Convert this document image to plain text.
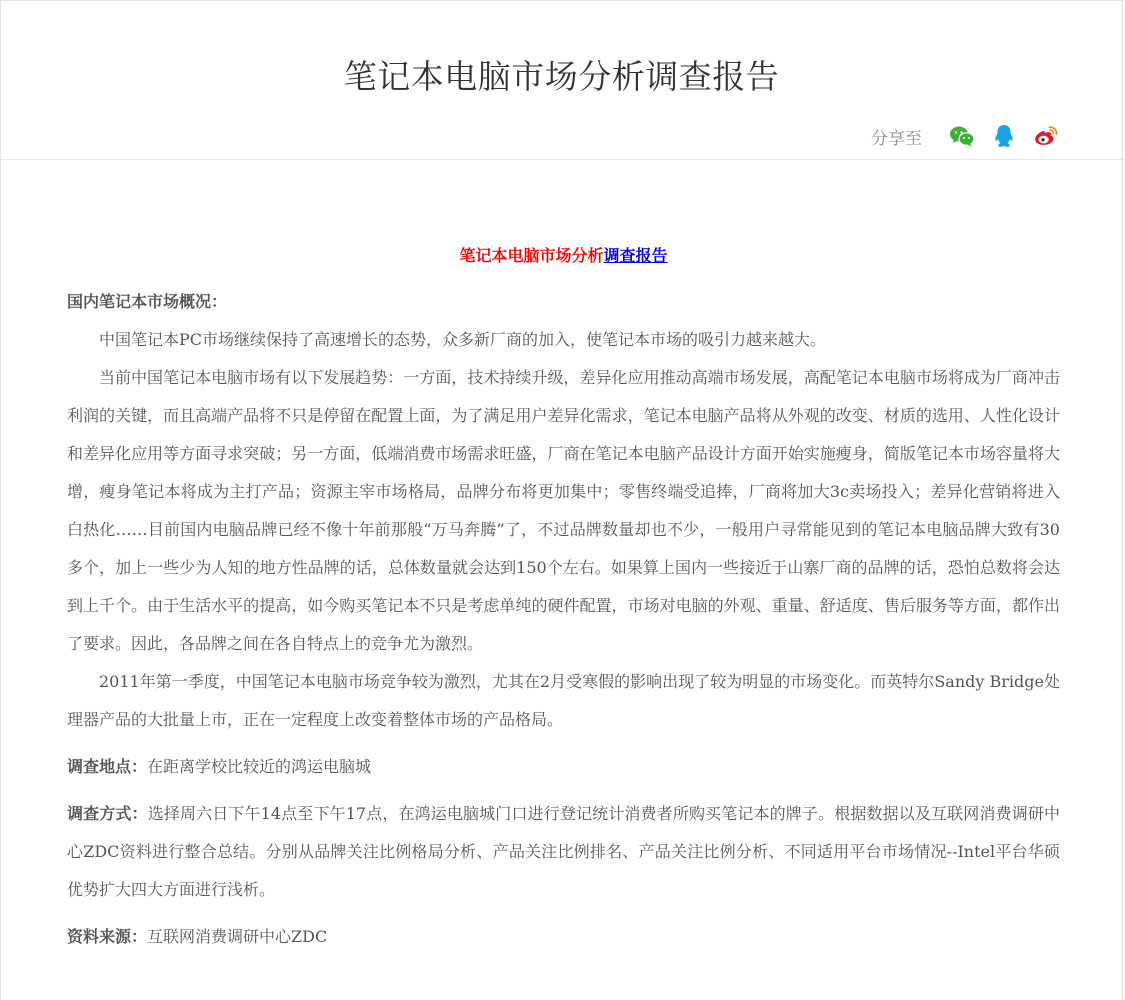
笔记本电脑市场分析调查报告
分享至
笔记本电脑市场分析调查报告
国内笔记本市场概况：

中国笔记本PC市场继续保持了高速增长的态势，众多新厂商的加入，使笔记本市场的吸引力越来越大。

当前中国笔记本电脑市场有以下发展趋势：一方面，技术持续升级，差异化应用推动高端市场发展，高配笔记本电脑市场将成为厂商冲击利润的关键，而且高端产品将不只是停留在配置上面，为了满足用户差异化需求，笔记本电脑产品将从外观的改变、材质的选用、人性化设计和差异化应用等方面寻求突破；另一方面，低端消费市场需求旺盛，厂商在笔记本电脑产品设计方面开始实施瘦身，简版笔记本市场容量将大增，瘦身笔记本将成为主打产品；资源主宰市场格局，品牌分布将更加集中；零售终端受追捧，厂商将加大3c卖场投入；差异化营销将进入白热化……目前国内电脑品牌已经不像十年前那般“万马奔腾”了，不过品牌数量却也不少，一般用户寻常能见到的笔记本电脑品牌大致有30多个，加上一些少为人知的地方性品牌的话，总体数量就会达到150个左右。如果算上国内一些接近于山寨厂商的品牌的话，恐怕总数将会达到上千个。由于生活水平的提高，如今购买笔记本不只是考虑单纯的硬件配置，市场对电脑的外观、重量、舒适度、售后服务等方面，都作出了要求。因此，各品牌之间在各自特点上的竞争尤为激烈。

2011年第一季度，中国笔记本电脑市场竞争较为激烈，尤其在2月受寒假的影响出现了较为明显的市场变化。而英特尔Sandy Bridge处理器产品的大批量上市，正在一定程度上改变着整体市场的产品格局。

调查地点：在距离学校比较近的鸿运电脑城

调查方式：选择周六日下午14点至下午17点，在鸿运电脑城门口进行登记统计消费者所购买笔记本的牌子。根据数据以及互联网消费调研中心ZDC资料进行整合总结。分别从品牌关注比例格局分析、产品关注比例排名、产品关注比例分析、不同适用平台市场情况--Intel平台华硕优势扩大四大方面进行浅析。

资料来源：互联网消费调研中心ZDC
